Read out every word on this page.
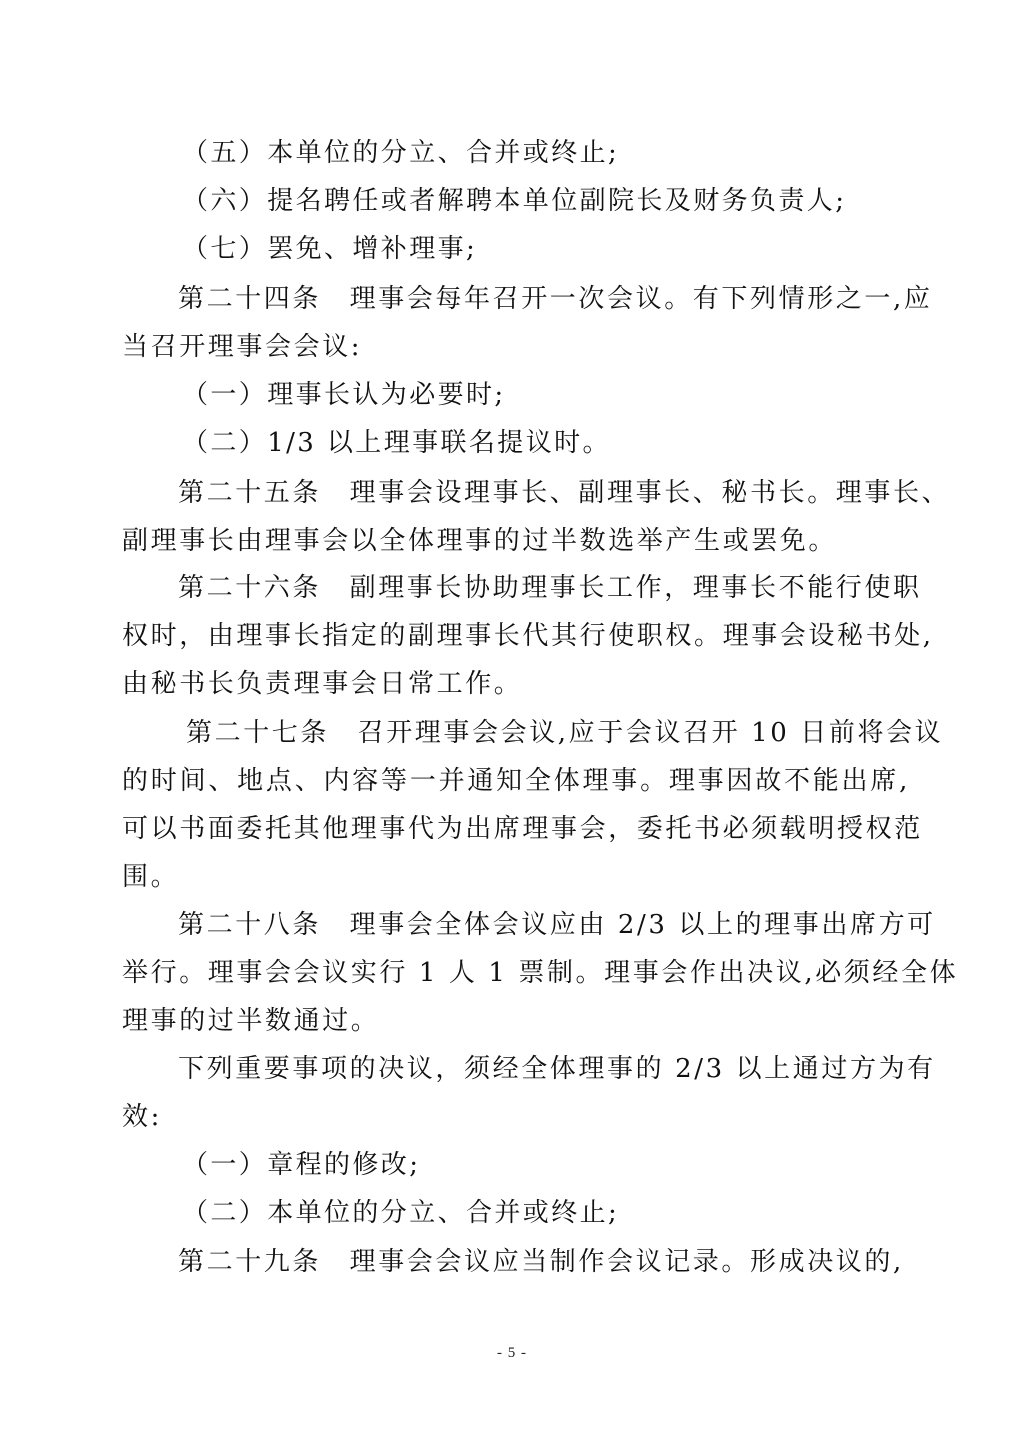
（五）本单位的分立、合并或终止;
（六）提名聘任或者解聘本单位副院长及财务负责人;
（七）罢免、增补理事;
第二十四条　理事会每年召开一次会议。有下列情形之一,应
当召开理事会会议:
（一）理事长认为必要时;
（二）1/3 以上理事联名提议时。
第二十五条　理事会设理事长、副理事长、秘书长。理事长、
副理事长由理事会以全体理事的过半数选举产生或罢免。
第二十六条　副理事长协助理事长工作，理事长不能行使职
权时，由理事长指定的副理事长代其行使职权。理事会设秘书处,
由秘书长负责理事会日常工作。
第二十七条　召开理事会会议,应于会议召开 10 日前将会议
的时间、地点、内容等一并通知全体理事。理事因故不能出席,
可以书面委托其他理事代为出席理事会，委托书必须载明授权范
围。
第二十八条　理事会全体会议应由 2/3 以上的理事出席方可
举行。理事会会议实行 1 人 1 票制。理事会作出决议,必须经全体
理事的过半数通过。
下列重要事项的决议，须经全体理事的 2/3 以上通过方为有
效:
（一）章程的修改;
（二）本单位的分立、合并或终止;
第二十九条　理事会会议应当制作会议记录。形成决议的,
- 5 -
